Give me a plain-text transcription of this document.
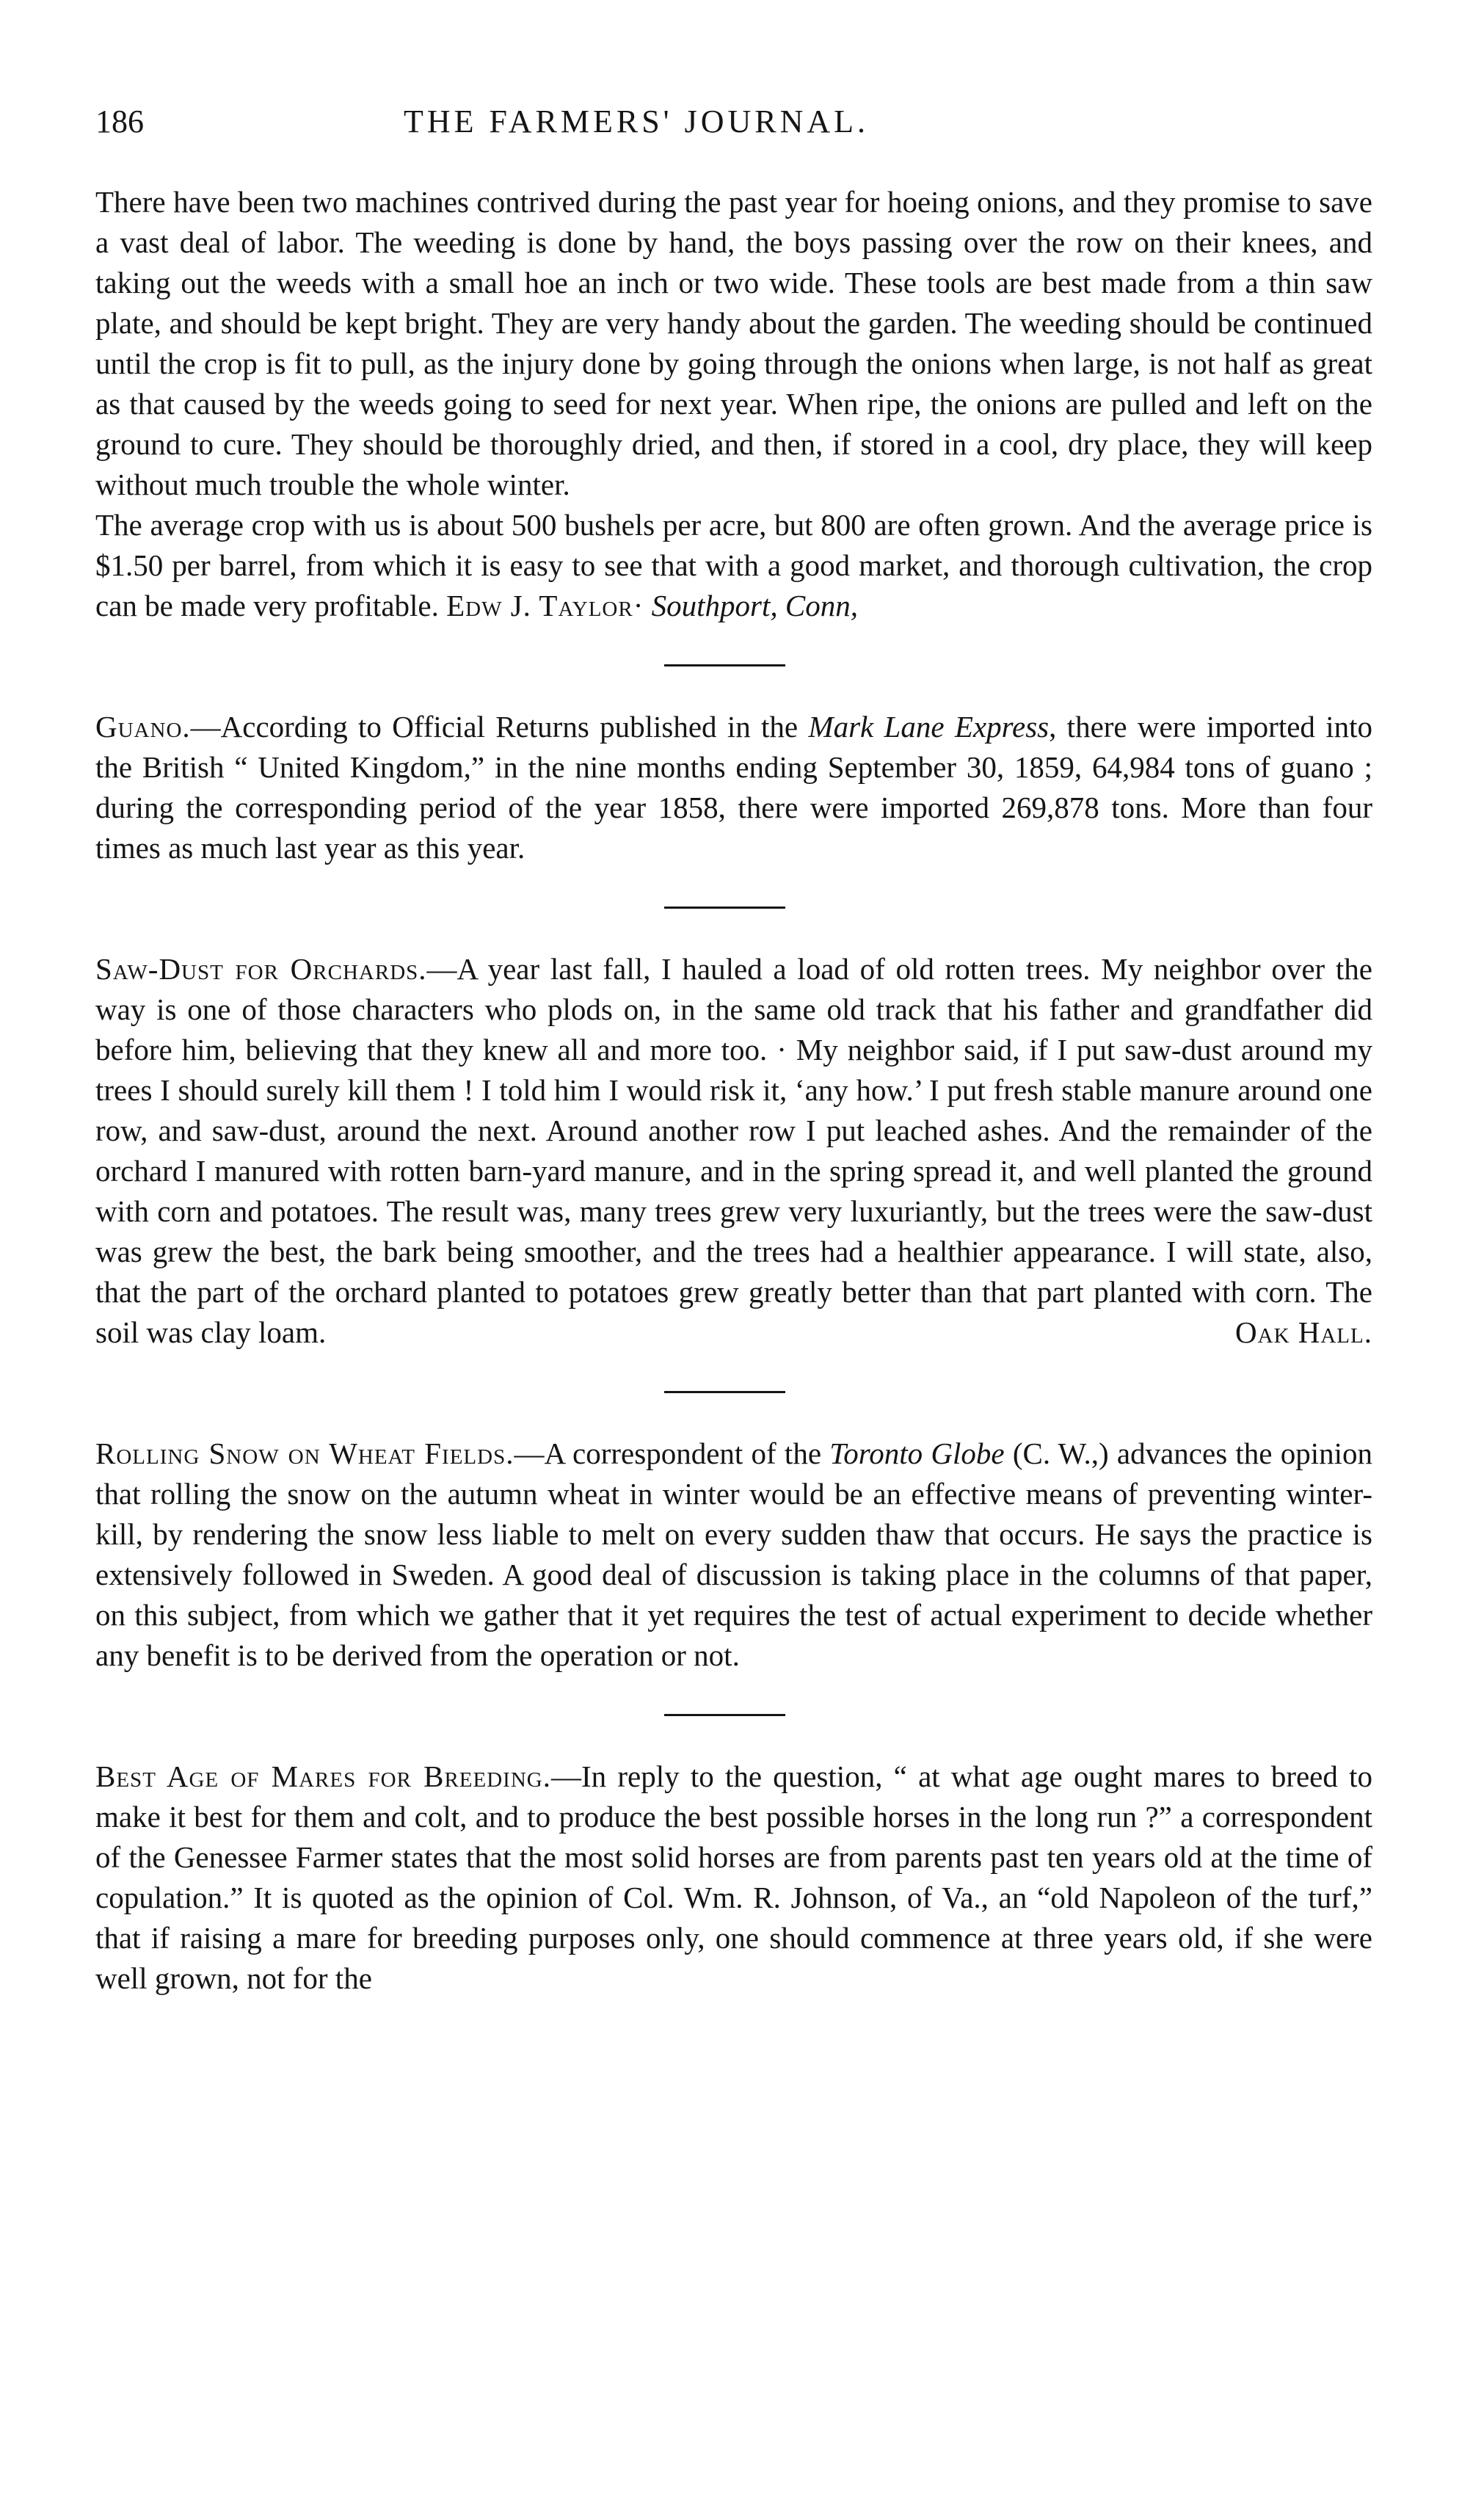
186	THE FARMERS' JOURNAL.

There have been two machines contrived during the past year for hoeing onions, and they promise to save a vast deal of labor. The weeding is done by hand, the boys passing over the row on their knees, and taking out the weeds with a small hoe an inch or two wide. These tools are best made from a thin saw plate, and should be kept bright. They are very handy about the garden. The weeding should be continued until the crop is fit to pull, as the injury done by going through the onions when large, is not half as great as that caused by the weeds going to seed for next year. When ripe, the onions are pulled and left on the ground to cure. They should be thoroughly dried, and then, if stored in a cool, dry place, they will keep without much trouble the whole winter.

The average crop with us is about 500 bushels per acre, but 800 are often grown. And the average price is $1.50 per barrel, from which it is easy to see that with a good market, and thorough cultivation, the crop can be made very profitable. Edw J. Taylor· Southport, Conn,

Guano.—According to Official Returns published in the Mark Lane Express, there were imported into the British “ United Kingdom,” in the nine months ending September 30, 1859, 64,984 tons of guano ; during the corresponding period of the year 1858, there were imported 269,878 tons. More than four times as much last year as this year.

Saw-Dust for Orchards.—A year last fall, I hauled a load of old rotten trees. My neighbor over the way is one of those characters who plods on, in the same old track that his father and grandfather did before him, believing that they knew all and more too. · My neighbor said, if I put saw-dust around my trees I should surely kill them ! I told him I would risk it, ‘any how.’ I put fresh stable manure around one row, and saw-dust, around the next. Around another row I put leached ashes. And the remainder of the orchard I manured with rotten barn-yard manure, and in the spring spread it, and well planted the ground with corn and potatoes. The result was, many trees grew very luxuriantly, but the trees were the saw-dust was grew the best, the bark being smoother, and the trees had a healthier appearance. I will state, also, that the part of the orchard planted to potatoes grew greatly better than that part planted with corn. The soil was clay loam.	Oak Hall.

Rolling Snow on Wheat Fields.—A correspondent of the Toronto Globe (C. W.,) advances the opinion that rolling the snow on the autumn wheat in winter would be an effective means of preventing winter-kill, by rendering the snow less liable to melt on every sudden thaw that occurs. He says the practice is extensively followed in Sweden. A good deal of discussion is taking place in the columns of that paper, on this subject, from which we gather that it yet requires the test of actual experiment to decide whether any benefit is to be derived from the operation or not.

Best Age of Mares for Breeding.—In reply to the question, “ at what age ought mares to breed to make it best for them and colt, and to produce the best possible horses in the long run ?” a correspondent of the Genessee Farmer states that the most solid horses are from parents past ten years old at the time of copulation.” It is quoted as the opinion of Col. Wm. R. Johnson, of Va., an “old Napoleon of the turf,” that if raising a mare for breeding purposes only, one should commence at three years old, if she were well grown, not for the
